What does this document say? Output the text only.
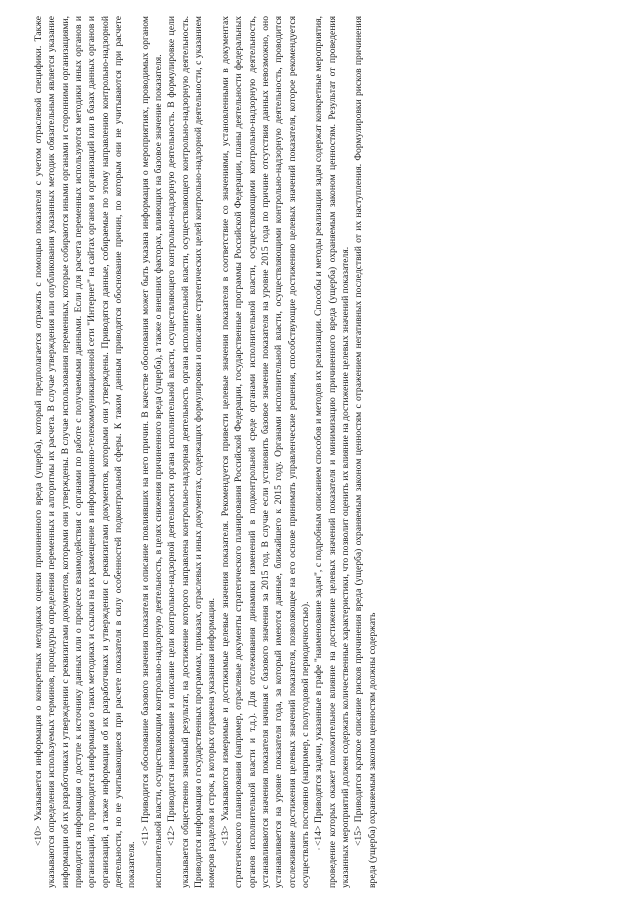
<10> Указывается информация о конкретных методиках оценки причиненного вреда (ущерба), который предполагается отражать с помощью показателя с учетом отраслевой специфики. Также указываются определения используемых терминов, процедуры определения переменных и алгоритмы их расчета. В случае утверждения или опубликования указанных методик обязательным является указание информации об их разработчиках и утверждении с реквизитами документов, которыми они утверждены. В случае использования переменных, которые собираются иными органами и сторонними организациями, приводится информация о доступе к источнику данных или о процессе взаимодействия с органами по работе с получаемыми данными. Если для расчета переменных используются методики иных органов и организаций, то приводится информация о таких методиках и ссылки на их размещение в информационно-телекоммуникационной сети "Интернет" на сайтах органов и организаций или в базах данных органов и организаций, а также информация об их разработчиках и утверждении с реквизитами документов, которыми они утверждены. Приводятся данные, собираемые по этому направлению контрольно-надзорной деятельности, но не учитывающиеся при расчете показателя в силу особенностей подконтрольной сферы. К таким данным приводятся обоснование причин, по которым они не учитываются при расчете показателя.

<11> Приводится обоснование базового значения показателя и описание повлиявших на него причин. В качестве обоснования может быть указана информация о мероприятиях, проводимых органом исполнительной власти, осуществляющим контрольно-надзорную деятельность, в целях снижения причиненного вреда (ущерба), а также о внешних факторах, влияющих на базовое значение показателя. <12> Приводится наименование и описание цели контрольно-надзорной деятельности органа исполнительной власти, осуществляющего контрольно-надзорную деятельность. В формулировке цели указывается общественно значимый результат, на достижение которого направлена контрольно-надзорная деятельность органа исполнительной власти, осуществляющего контрольно-надзорную деятельность. Приводится информация о государственных программах, приказах, отраслевых и иных документах, содержащих формулировки и описание стратегических целей контрольно-надзорной деятельности, с указанием номеров разделов и строк, в которых отражена указанная информация. <13> Указываются измеримые и достижимые целевые значения показателя. Рекомендуется привести целевые значения показателя в соответствие со значениями, установленными в документах стратегического планирования (например, отраслевые документы стратегического планирования Российской Федерации, государственные программы Российской Федерации, планы деятельности федеральных органов исполнительной власти и т.д.). Для отслеживания динамики изменений в подконтрольной среде органами исполнительной власти, осуществляющими контрольно-надзорную деятельность, устанавливаются значения показателя начиная с базового значения за 2015 год. В случае если установить базовое значение показателя на уровне 2015 года по причине отсутствия данных невозможно, оно устанавливается на уровне показателя года, за который имеются данные, ближайшего к 2015 году. Органами исполнительной власти, осуществляющими контрольно-надзорную деятельность, проводится отслеживание достижения целевых значений показателя, позволяющее на его основе принимать управленческие решения, способствующие достижению целевых значений показателя, которое рекомендуется осуществлять постоянно (например, с полугодовой периодичностью). <14> Приводятся задачи, указанные в графе "наименование задач", с подробным описанием способов и методов их реализации. Способы и методы реализации задач содержат конкретные мероприятия, проведение которых окажет положительное влияние на достижение целевых значений показателя и минимизацию причиненного вреда (ущерба) охраняемым законом ценностям. Результат от проведения указанных мероприятий должен содержать количественные характеристики, что позволит оценить их влияние на достижение целевых значений показателя. <15> Приводится краткое описание рисков причинения вреда (ущерба) охраняемым законом ценностям с отражением негативных последствий от их наступления. Формулировки рисков причинения вреда (ущерба) охраняемым законом ценностям должны содержать
